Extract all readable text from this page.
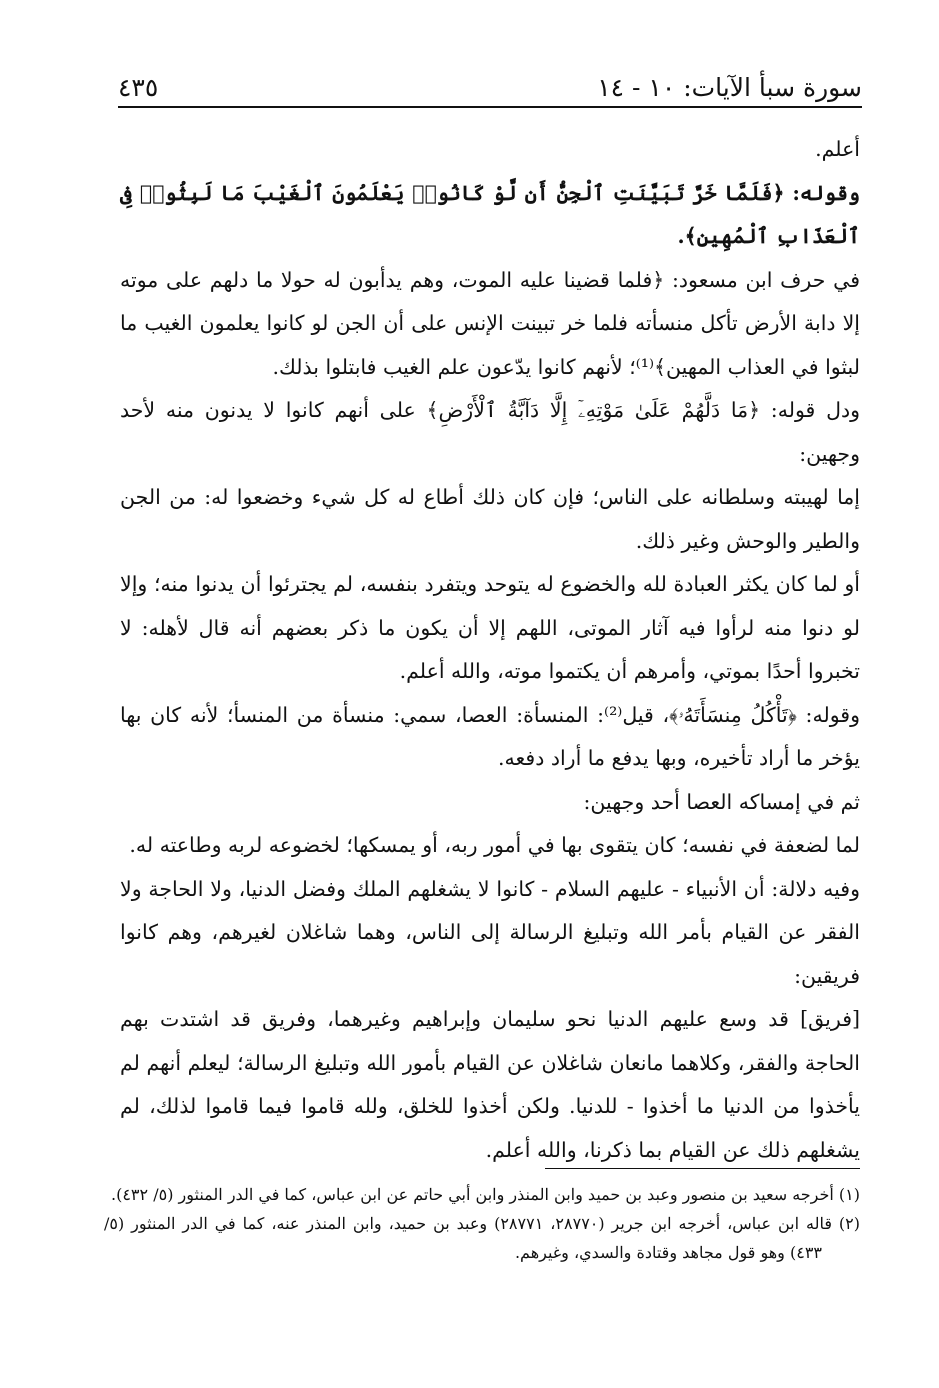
سورة سبأ الآيات: ١٠ - ١٤
٤٣٥

أعلم.

وقوله: ﴿فَلَمَّا خَرَّ تَبَيَّنَتِ ٱلْجِنُّ أَن لَّوْ كَانُوا۟ يَعْلَمُونَ ٱلْغَيْبَ مَا لَبِثُوا۟ فِى ٱلْعَذَابِ ٱلْمُهِينِ﴾.

في حرف ابن مسعود: ﴿فلما قضينا عليه الموت، وهم يدأبون له حولا ما دلهم على موته إلا دابة الأرض تأكل منسأته فلما خر تبينت الإنس على أن الجن لو كانوا يعلمون الغيب ما لبثوا في العذاب المهين﴾⁽¹⁾؛ لأنهم كانوا يدّعون علم الغيب فابتلوا بذلك.

ودل قوله: ﴿مَا دَلَّهُمْ عَلَىٰ مَوْتِهِۦٓ إِلَّا دَآبَّةُ ٱلْأَرْضِ﴾ على أنهم كانوا لا يدنون منه لأحد وجهين:

إما لهيبته وسلطانه على الناس؛ فإن كان ذلك أطاع له كل شيء وخضعوا له: من الجن والطير والوحش وغير ذلك.

أو لما كان يكثر العبادة لله والخضوع له يتوحد ويتفرد بنفسه، لم يجترئوا أن يدنوا منه؛ وإلا لو دنوا منه لرأوا فيه آثار الموتى، اللهم إلا أن يكون ما ذكر بعضهم أنه قال لأهله: لا تخبروا أحدًا بموتي، وأمرهم أن يكتموا موته، والله أعلم.

وقوله: ﴿تَأْكُلُ مِنسَأَتَهُۥ﴾، قيل⁽²⁾: المنسأة: العصا، سمي: منسأة من المنسأ؛ لأنه كان بها يؤخر ما أراد تأخيره، وبها يدفع ما أراد دفعه.

ثم في إمساكه العصا أحد وجهين:

لما لضعفة في نفسه؛ كان يتقوى بها في أمور ربه، أو يمسكها؛ لخضوعه لربه وطاعته له.

وفيه دلالة: أن الأنبياء - عليهم السلام - كانوا لا يشغلهم الملك وفضل الدنيا، ولا الحاجة ولا الفقر عن القيام بأمر الله وتبليغ الرسالة إلى الناس، وهما شاغلان لغيرهم، وهم كانوا فريقين:

[فريق] قد وسع عليهم الدنيا نحو سليمان وإبراهيم وغيرهما، وفريق قد اشتدت بهم الحاجة والفقر، وكلاهما مانعان شاغلان عن القيام بأمور الله وتبليغ الرسالة؛ ليعلم أنهم لم يأخذوا من الدنيا ما أخذوا - للدنيا. ولكن أخذوا للخلق، ولله قاموا فيما قاموا لذلك، لم يشغلهم ذلك عن القيام بما ذكرنا، والله أعلم.

(١) أخرجه سعيد بن منصور وعبد بن حميد وابن المنذر وابن أبي حاتم عن ابن عباس، كما في الدر المنثور (٥/ ٤٣٢).

(٢) قاله ابن عباس، أخرجه ابن جرير (٢٨٧٧٠، ٢٨٧٧١) وعبد بن حميد، وابن المنذر عنه، كما في الدر المنثور (٥/ ٤٣٣) وهو قول مجاهد وقتادة والسدي، وغيرهم.
